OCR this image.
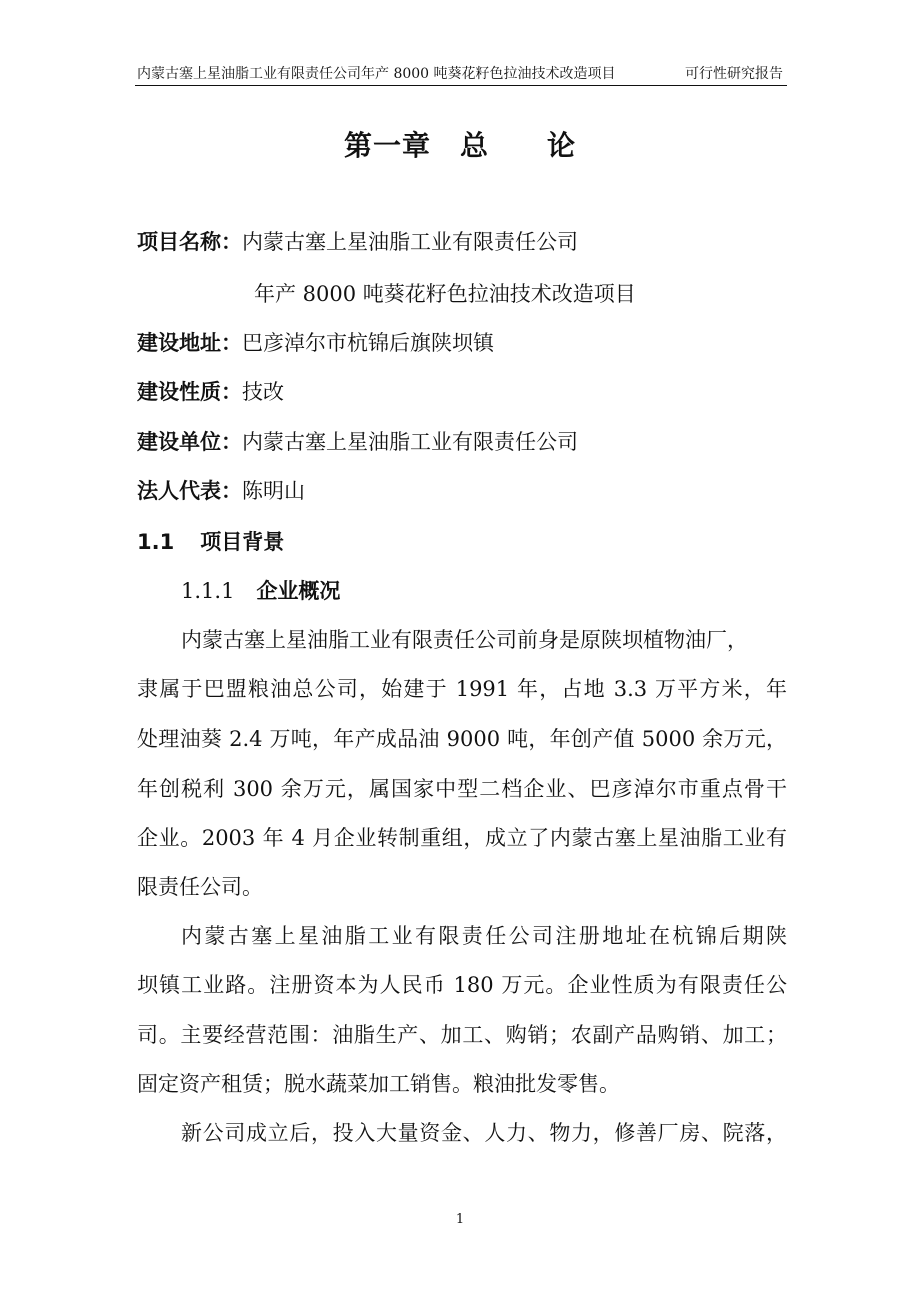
内蒙古塞上星油脂工业有限责任公司年产 8000 吨葵花籽色拉油技术改造项目	可行性研究报告
第一章　总　　论
项目名称：内蒙古塞上星油脂工业有限责任公司
年产 8000 吨葵花籽色拉油技术改造项目
建设地址：巴彦淖尔市杭锦后旗陕坝镇
建设性质：技改
建设单位：内蒙古塞上星油脂工业有限责任公司
法人代表：陈明山
1.1 项目背景
1.1.1 企业概况
内蒙古塞上星油脂工业有限责任公司前身是原陕坝植物油厂，
隶属于巴盟粮油总公司，始建于 1991 年，占地 3.3 万平方米，年
处理油葵 2.4 万吨，年产成品油 9000 吨，年创产值 5000 余万元，
年创税利 300 余万元，属国家中型二档企业、巴彦淖尔市重点骨干
企业。2003 年 4 月企业转制重组，成立了内蒙古塞上星油脂工业有
限责任公司。
内蒙古塞上星油脂工业有限责任公司注册地址在杭锦后期陕
坝镇工业路。注册资本为人民币 180 万元。企业性质为有限责任公
司。主要经营范围：油脂生产、加工、购销；农副产品购销、加工；
固定资产租赁；脱水蔬菜加工销售。粮油批发零售。
新公司成立后，投入大量资金、人力、物力，修善厂房、院落，
1
